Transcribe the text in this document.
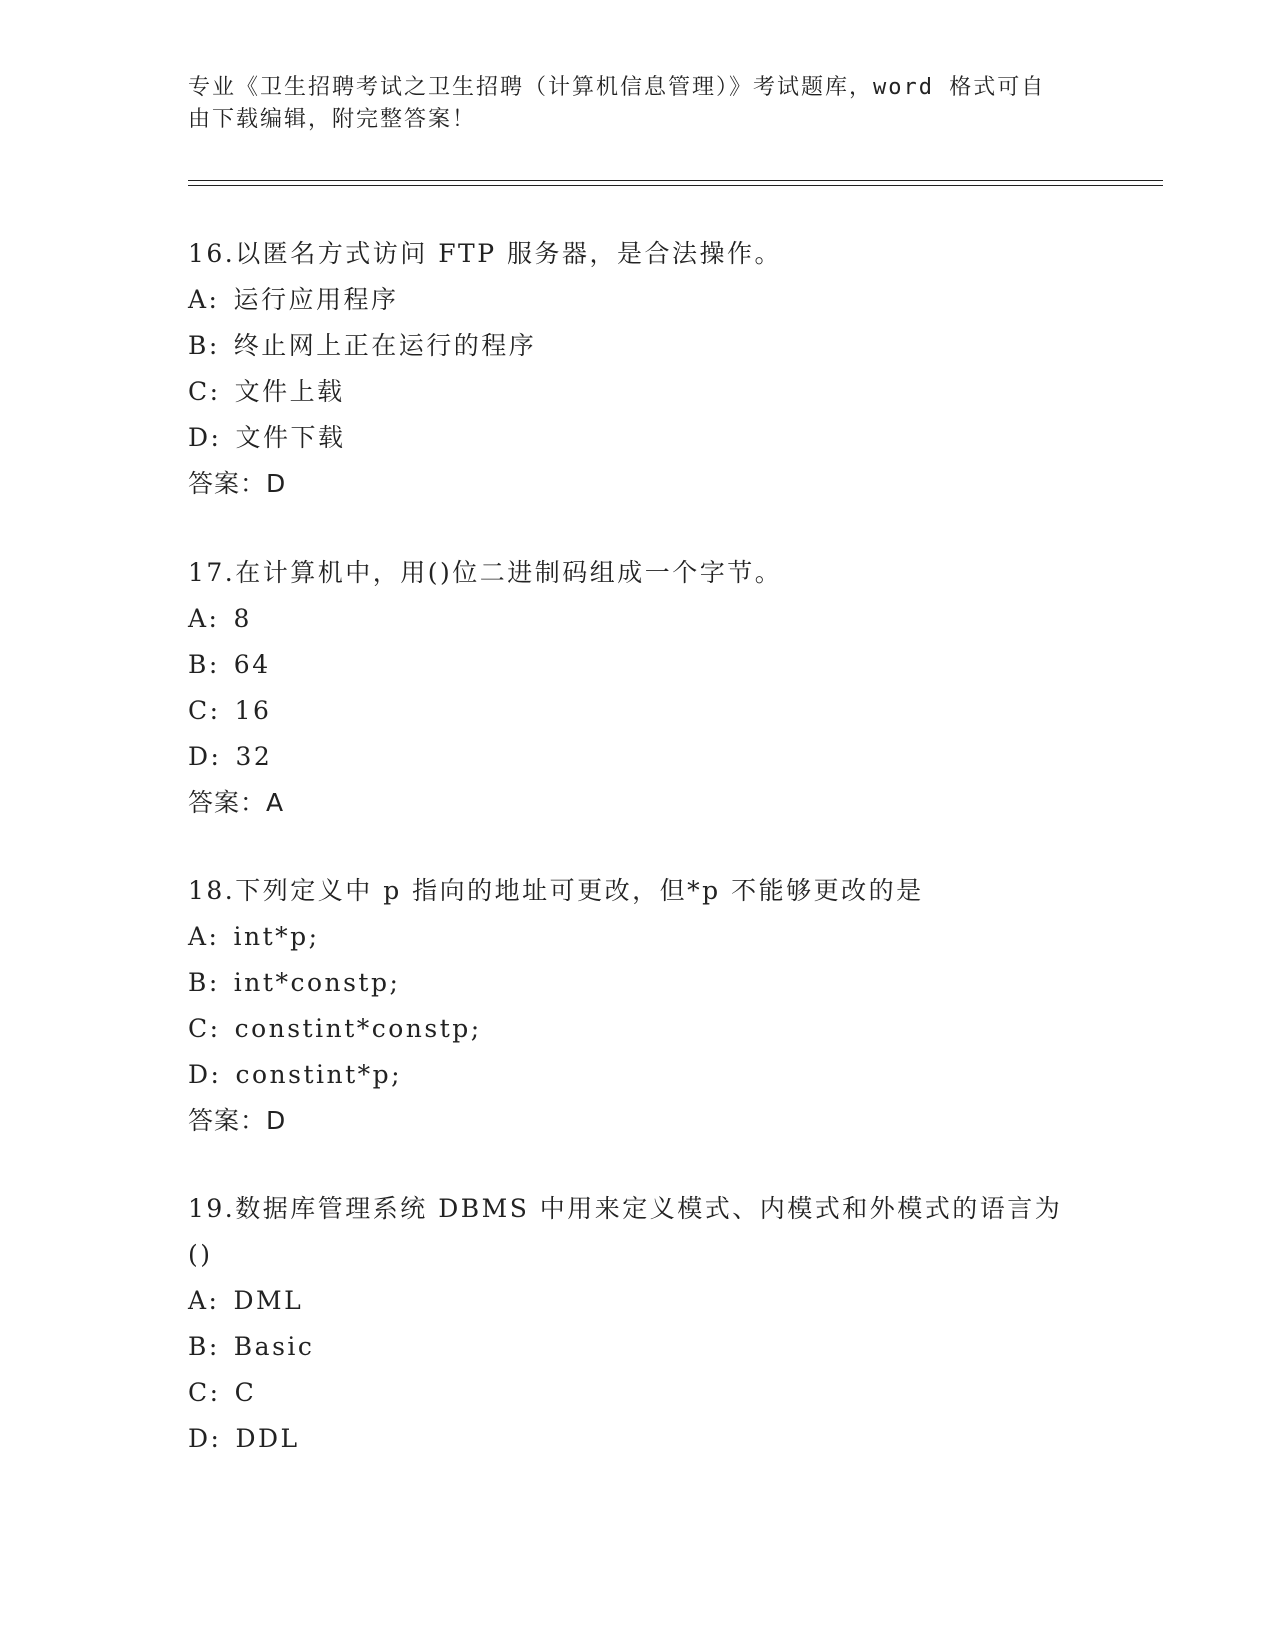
专业《卫生招聘考试之卫生招聘（计算机信息管理）》考试题库，word 格式可自
由下载编辑，附完整答案！
16.以匿名方式访问 FTP 服务器，是合法操作。
A: 运行应用程序
B: 终止网上正在运行的程序
C: 文件上载
D: 文件下载
答案：D
17.在计算机中，用()位二进制码组成一个字节。
A: 8
B: 64
C: 16
D: 32
答案：A
18.下列定义中 p 指向的地址可更改，但*p 不能够更改的是
A: int*p;
B: int*constp;
C: constint*constp;
D: constint*p;
答案：D
19.数据库管理系统 DBMS 中用来定义模式、内模式和外模式的语言为
()
A: DML
B: Basic
C: C
D: DDL
